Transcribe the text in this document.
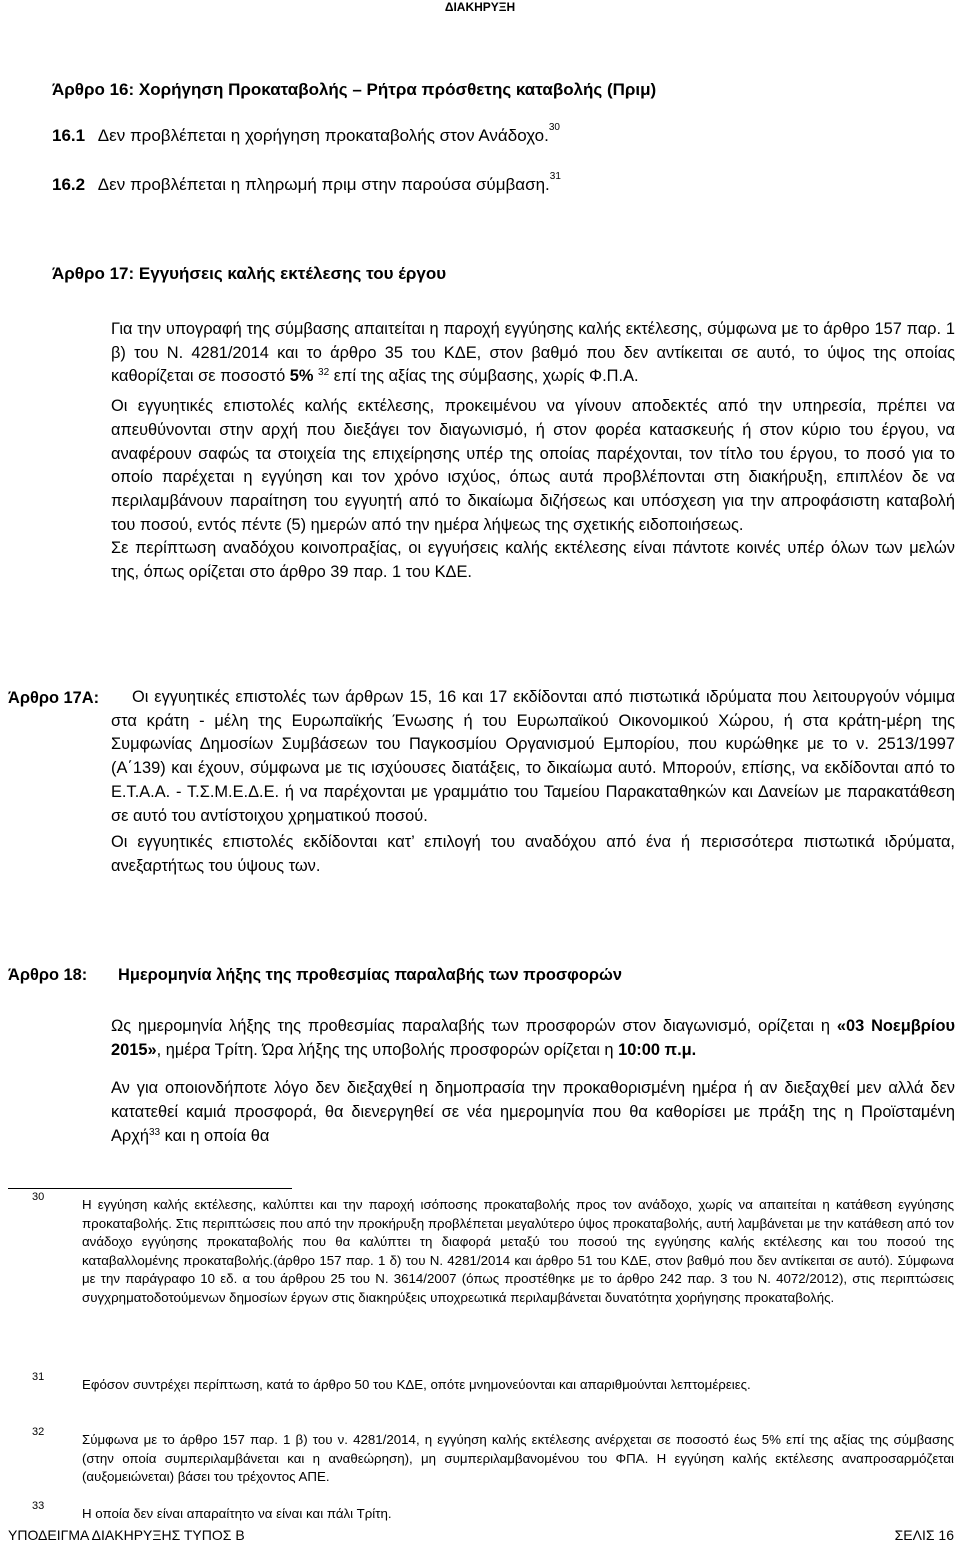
ΔΙΑΚΗΡΥΞΗ
Άρθρο 16: Χορήγηση Προκαταβολής – Ρήτρα πρόσθετης καταβολής (Πριμ)
16.1 Δεν προβλέπεται η χορήγηση προκαταβολής στον Ανάδοχο.$^{30}$
16.2 Δεν προβλέπεται η πληρωμή πριμ στην παρούσα σύμβαση.$^{31}$
Άρθρο 17: Εγγυήσεις καλής εκτέλεσης του έργου

Για την υπογραφή της σύμβασης απαιτείται η παροχή εγγύησης καλής εκτέλεσης, σύμφωνα με το άρθρο 157 παρ. 1 β) του Ν. 4281/2014 και το άρθρο 35 του ΚΔΕ, στον βαθμό που δεν αντίκειται σε αυτό, το ύψος της οποίας καθορίζεται σε ποσοστό 5% $^{32}$ επί της αξίας της σύμβασης, χωρίς Φ.Π.Α.

Οι εγγυητικές επιστολές καλής εκτέλεσης, προκειμένου να γίνουν αποδεκτές από την υπηρεσία, πρέπει να απευθύνονται στην αρχή που διεξάγει τον διαγωνισμό, ή στον φορέα κατασκευής ή στον κύριο του έργου, να αναφέρουν σαφώς τα στοιχεία της επιχείρησης υπέρ της οποίας παρέχονται, τον τίτλο του έργου, το ποσό για το οποίο παρέχεται η εγγύηση και τον χρόνο ισχύος, όπως αυτά προβλέπονται στη διακήρυξη, επιπλέον δε να περιλαμβάνουν παραίτηση του εγγυητή από το δικαίωμα διζήσεως και υπόσχεση για την απροφάσιστη καταβολή του ποσού, εντός πέντε (5) ημερών από την ημέρα λήψεως της σχετικής ειδοποιήσεως.

Σε περίπτωση αναδόχου κοινοπραξίας, οι εγγυήσεις καλής εκτέλεσης είναι πάντοτε κοινές υπέρ όλων των μελών της, όπως ορίζεται στο άρθρο 39 παρ. 1 του ΚΔΕ.

Άρθρο 17Α:	Οι εγγυητικές επιστολές των άρθρων 15, 16 και 17 εκδίδονται από πιστωτικά ιδρύματα που λειτουργούν νόμιμα στα κράτη - μέλη της Ευρωπαϊκής Ένωσης ή του Ευρωπαϊκού Οικονομικού Χώρου, ή στα κράτη-μέρη της Συμφωνίας Δημοσίων Συμβάσεων του Παγκοσμίου Οργανισμού Εμπορίου, που κυρώθηκε με το ν. 2513/1997 (Α΄139) και έχουν, σύμφωνα με τις ισχύουσες διατάξεις, το δικαίωμα αυτό. Μπορούν, επίσης, να εκδίδονται από το Ε.Τ.Α.Α. - Τ.Σ.Μ.Ε.Δ.Ε. ή να παρέχονται με γραμμάτιο του Ταμείου Παρακαταθηκών και Δανείων με παρακατάθεση σε αυτό του αντίστοιχου χρηματικού ποσού.

Οι εγγυητικές επιστολές εκδίδονται κατ’ επιλογή του αναδόχου από ένα ή περισσότερα πιστωτικά ιδρύματα, ανεξαρτήτως του ύψους των.

Άρθρο 18: Ημερομηνία λήξης της προθεσμίας παραλαβής των προσφορών

Ως ημερομηνία λήξης της προθεσμίας παραλαβής των προσφορών στον διαγωνισμό, ορίζεται η «03 Νοεμβρίου 2015», ημέρα Τρίτη. Ώρα λήξης της υποβολής προσφορών ορίζεται η 10:00 π.μ.

Αν για οποιονδήποτε λόγο δεν διεξαχθεί η δημοπρασία την προκαθορισμένη ημέρα ή αν διεξαχθεί μεν αλλά δεν κατατεθεί καμιά προσφορά, θα διενεργηθεί σε νέα ημερομηνία που θα καθορίσει με πράξη της η Προϊσταμένη Αρχή$^{33}$ και η οποία θα

30	Η εγγύηση καλής εκτέλεσης, καλύπτει και την παροχή ισόποσης προκαταβολής προς τον ανάδοχο, χωρίς να απαιτείται η κατάθεση εγγύησης προκαταβολής. Στις περιπτώσεις που από την προκήρυξη προβλέπεται μεγαλύτερο ύψος προκαταβολής, αυτή λαμβάνεται με την κατάθεση από τον ανάδοχο εγγύησης προκαταβολής που θα καλύπτει τη διαφορά μεταξύ του ποσού της εγγύησης καλής εκτέλεσης και του ποσού της καταβαλλομένης προκαταβολής.(άρθρο 157 παρ. 1 δ) του Ν. 4281/2014 και άρθρο 51 του ΚΔΕ, στον βαθμό που δεν αντίκειται σε αυτό). Σύμφωνα με την παράγραφο 10 εδ. α του άρθρου 25 του Ν. 3614/2007 (όπως προστέθηκε με το άρθρο 242 παρ. 3 του Ν. 4072/2012), στις περιπτώσεις συγχρηματοδοτούμενων δημοσίων έργων στις διακηρύξεις υποχρεωτικά περιλαμβάνεται δυνατότητα χορήγησης προκαταβολής.
31	Εφόσον συντρέχει περίπτωση, κατά το άρθρο 50 του ΚΔΕ, οπότε μνημονεύονται και απαριθμούνται λεπτομέρειες.
32	Σύμφωνα με το άρθρο 157 παρ. 1 β) του ν. 4281/2014, η εγγύηση καλής εκτέλεσης ανέρχεται σε ποσοστό έως 5% επί της αξίας της σύμβασης (στην οποία συμπεριλαμβάνεται και η αναθεώρηση), μη συμπεριλαμβανομένου του ΦΠΑ. Η εγγύηση καλής εκτέλεσης αναπροσαρμόζεται (αυξομειώνεται) βάσει του τρέχοντος ΑΠΕ.
33	Η οποία δεν είναι απαραίτητο να είναι και πάλι Τρίτη.
ΥΠΟΔΕΙΓΜΑ ΔΙΑΚΗΡΥΞΗΣ ΤΥΠΟΣ Β	ΣΕΛΙΣ 16
